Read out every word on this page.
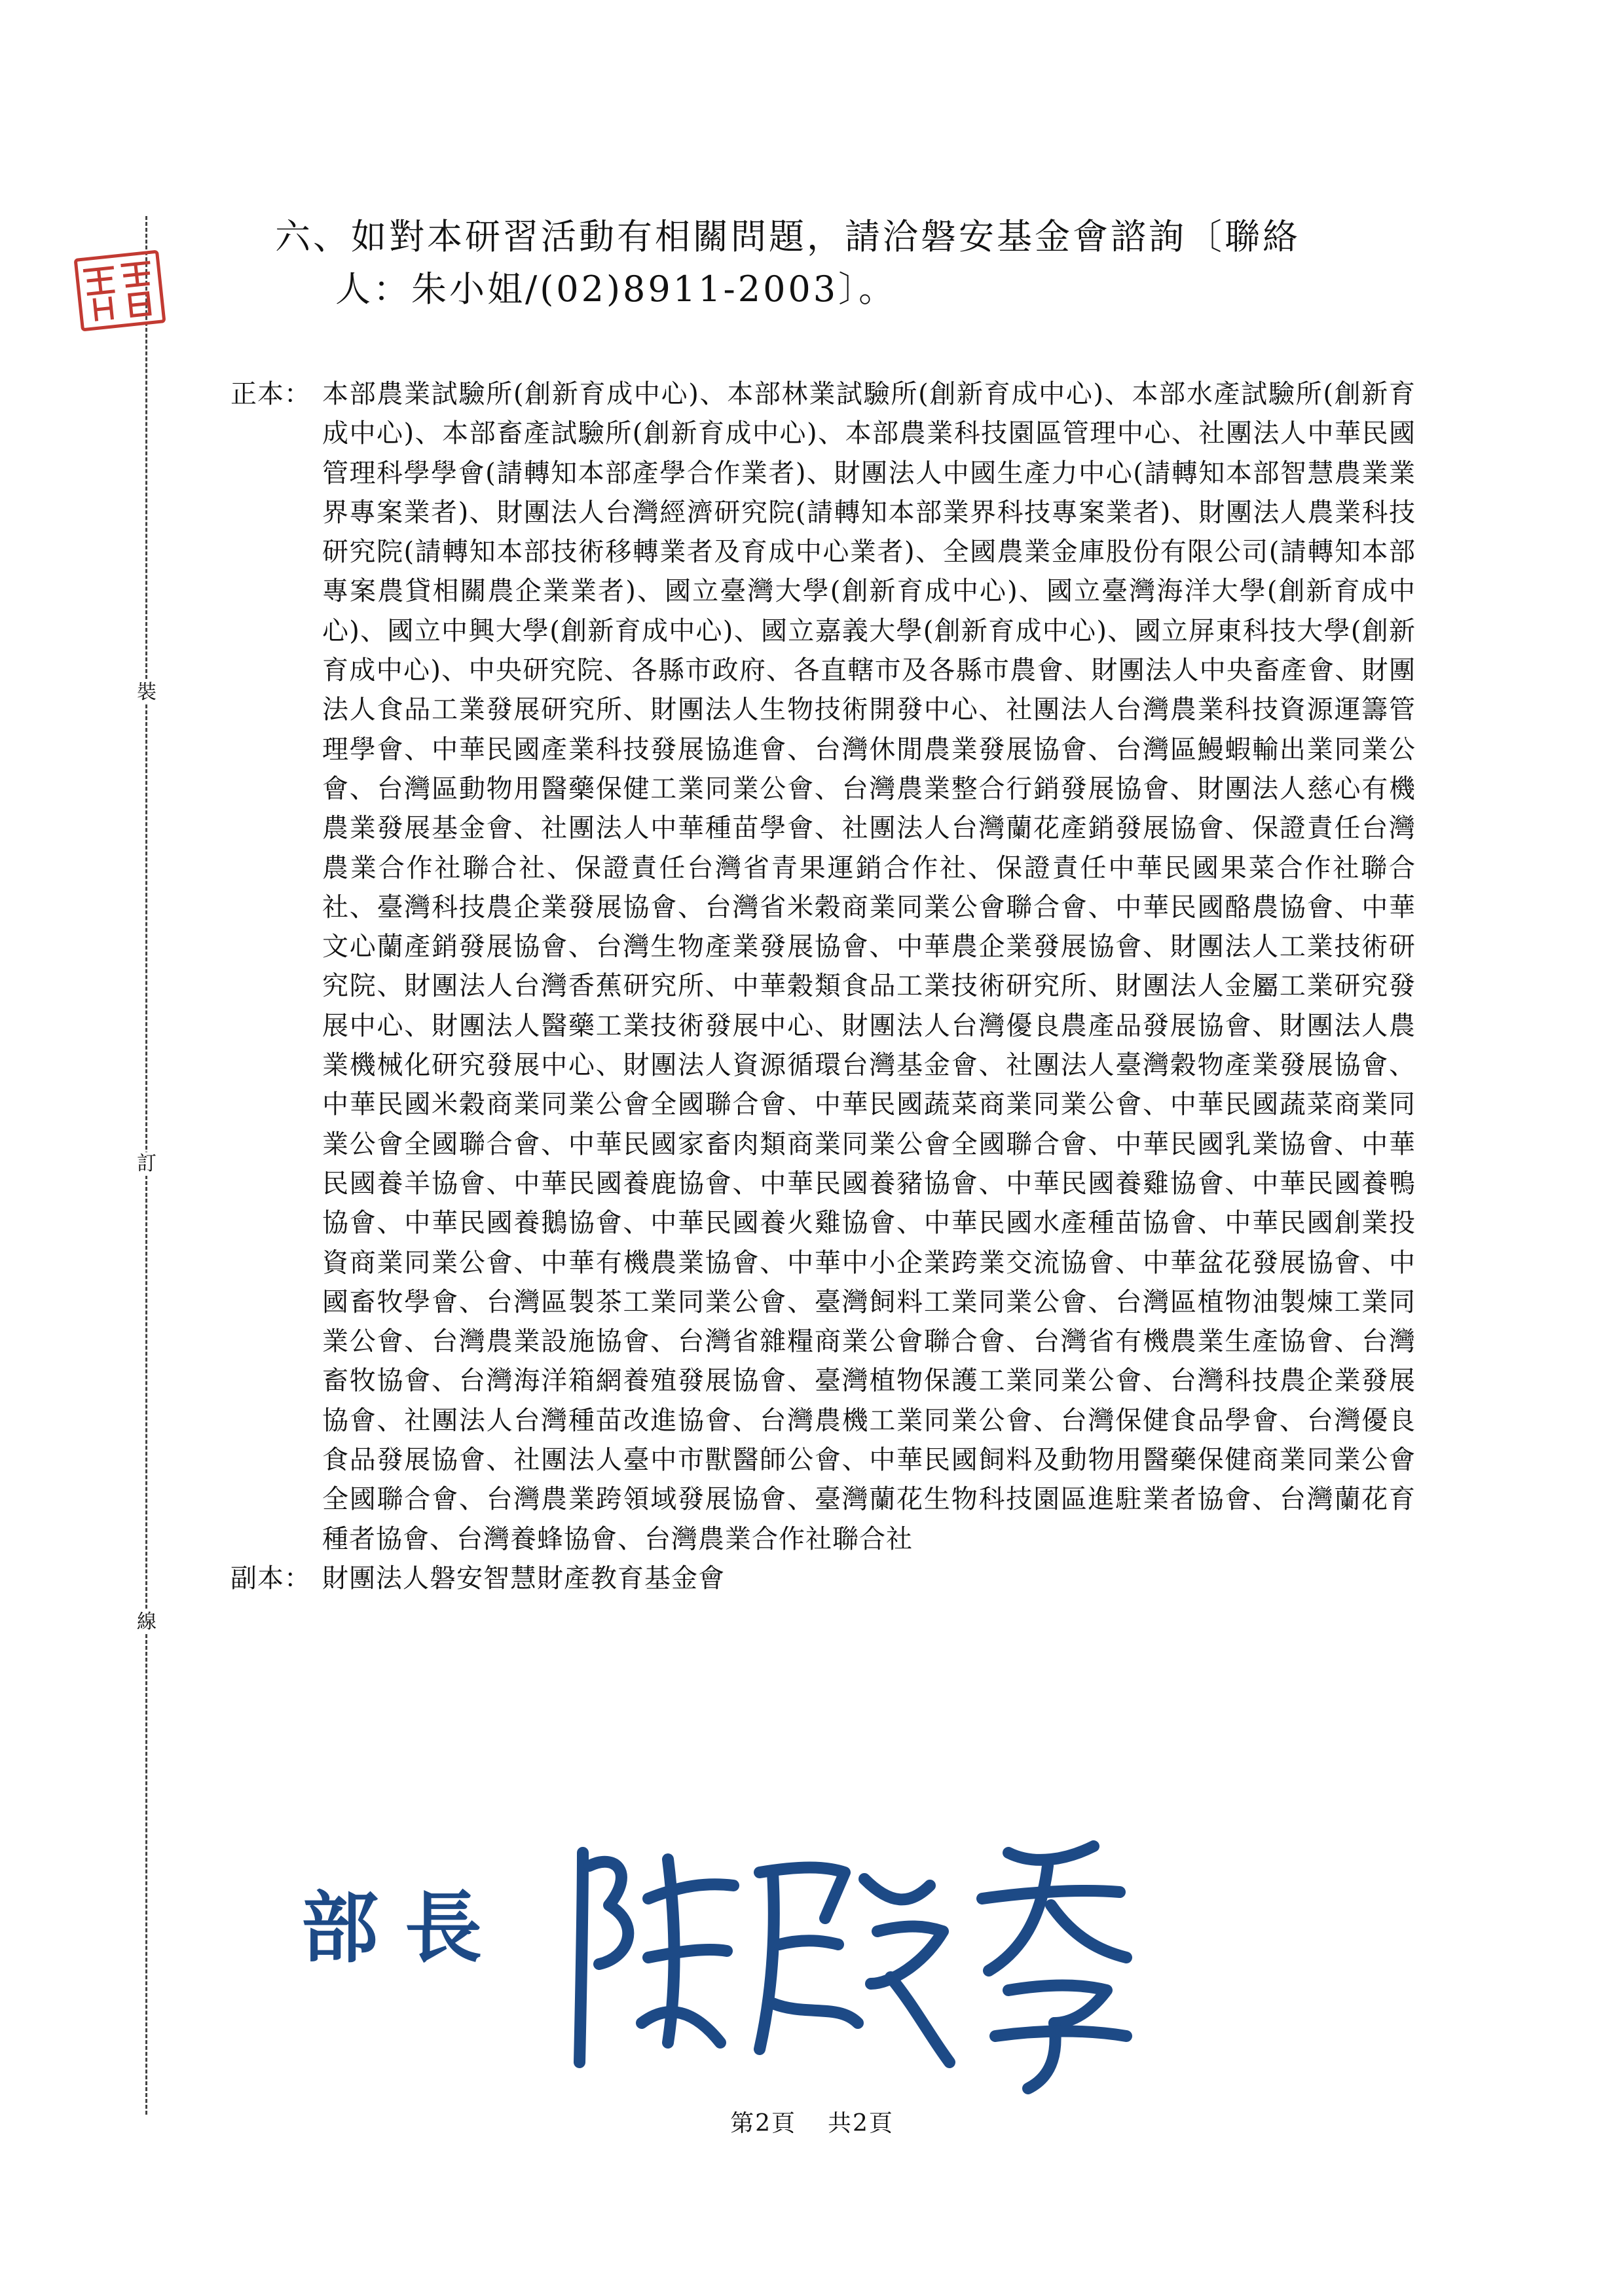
裝
訂
線
六、如對本研習活動有相關問題，請洽磐安基金會諮詢〔聯絡
人：朱小姐/(02)8911-2003〕。
正本： 本部農業試驗所(創新育成中心)、本部林業試驗所(創新育成中心)、本部水產試驗所(創新育成中心)、本部畜產試驗所(創新育成中心)、本部農業科技園區管理中心、社團法人中華民國管理科學學會(請轉知本部產學合作業者)、財團法人中國生產力中心(請轉知本部智慧農業業界專案業者)、財團法人台灣經濟研究院(請轉知本部業界科技專案業者)、財團法人農業科技研究院(請轉知本部技術移轉業者及育成中心業者)、全國農業金庫股份有限公司(請轉知本部專案農貸相關農企業業者)、國立臺灣大學(創新育成中心)、國立臺灣海洋大學(創新育成中心)、國立中興大學(創新育成中心)、國立嘉義大學(創新育成中心)、國立屏東科技大學(創新育成中心)、中央研究院、各縣市政府、各直轄市及各縣市農會、財團法人中央畜產會、財團法人食品工業發展研究所、財團法人生物技術開發中心、社團法人台灣農業科技資源運籌管理學會、中華民國產業科技發展協進會、台灣休閒農業發展協會、台灣區鰻蝦輸出業同業公會、台灣區動物用醫藥保健工業同業公會、台灣農業整合行銷發展協會、財團法人慈心有機農業發展基金會、社團法人中華種苗學會、社團法人台灣蘭花產銷發展協會、保證責任台灣農業合作社聯合社、保證責任台灣省青果運銷合作社、保證責任中華民國果菜合作社聯合社、臺灣科技農企業發展協會、台灣省米穀商業同業公會聯合會、中華民國酪農協會、中華文心蘭產銷發展協會、台灣生物產業發展協會、中華農企業發展協會、財團法人工業技術研究院、財團法人台灣香蕉研究所、中華穀類食品工業技術研究所、財團法人金屬工業研究發展中心、財團法人醫藥工業技術發展中心、財團法人台灣優良農產品發展協會、財團法人農業機械化研究發展中心、財團法人資源循環台灣基金會、社團法人臺灣穀物產業發展協會、中華民國米穀商業同業公會全國聯合會、中華民國蔬菜商業同業公會、中華民國蔬菜商業同業公會全國聯合會、中華民國家畜肉類商業同業公會全國聯合會、中華民國乳業協會、中華民國養羊協會、中華民國養鹿協會、中華民國養豬協會、中華民國養雞協會、中華民國養鴨協會、中華民國養鵝協會、中華民國養火雞協會、中華民國水產種苗協會、中華民國創業投資商業同業公會、中華有機農業協會、中華中小企業跨業交流協會、中華盆花發展協會、中國畜牧學會、台灣區製茶工業同業公會、臺灣飼料工業同業公會、台灣區植物油製煉工業同業公會、台灣農業設施協會、台灣省雜糧商業公會聯合會、台灣省有機農業生產協會、台灣畜牧協會、台灣海洋箱網養殖發展協會、臺灣植物保護工業同業公會、台灣科技農企業發展協會、社團法人台灣種苗改進協會、台灣農機工業同業公會、台灣保健食品學會、台灣優良食品發展協會、社團法人臺中市獸醫師公會、中華民國飼料及動物用醫藥保健商業同業公會全國聯合會、台灣農業跨領域發展協會、臺灣蘭花生物科技園區進駐業者協會、台灣蘭花育種者協會、台灣養蜂協會、台灣農業合作社聯合社
副本： 財團法人磐安智慧財產教育基金會
部長
第2頁 共2頁
